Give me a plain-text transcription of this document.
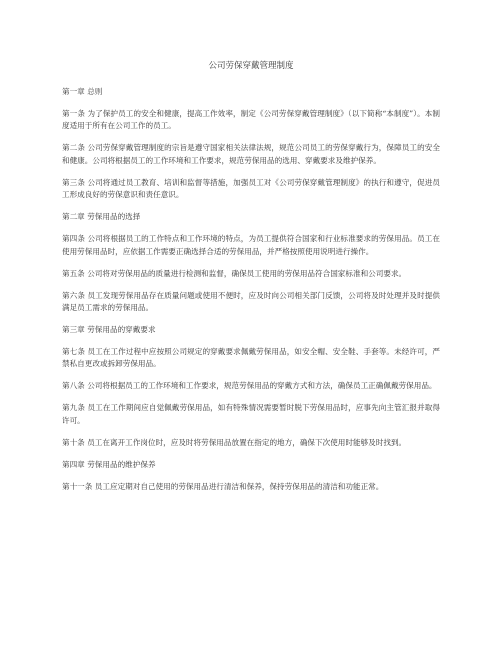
公司劳保穿戴管理制度
第一章 总则
第一条 为了保护员工的安全和健康，提高工作效率，制定《公司劳保穿戴管理制度》（以下简称“本制度”）。本制度适用于所有在公司工作的员工。
第二条 公司劳保穿戴管理制度的宗旨是遵守国家相关法律法规，规范公司员工的劳保穿戴行为，保障员工的安全和健康。公司将根据员工的工作环境和工作要求，规范劳保用品的选用、穿戴要求及维护保养。
第三条 公司将通过员工教育、培训和监督等措施，加强员工对《公司劳保穿戴管理制度》的执行和遵守，促进员工形成良好的劳保意识和责任意识。
第二章 劳保用品的选择
第四条 公司将根据员工的工作特点和工作环境的特点，为员工提供符合国家和行业标准要求的劳保用品。员工在使用劳保用品时，应依据工作需要正确选择合适的劳保用品，并严格按照使用说明进行操作。
第五条 公司将对劳保用品的质量进行检测和监督，确保员工使用的劳保用品符合国家标准和公司要求。
第六条 员工发现劳保用品存在质量问题或使用不便时，应及时向公司相关部门反馈，公司将及时处理并及时提供满足员工需求的劳保用品。
第三章 劳保用品的穿戴要求
第七条 员工在工作过程中应按照公司规定的穿戴要求佩戴劳保用品，如安全帽、安全鞋、手套等。未经许可，严禁私自更改或拆卸劳保用品。
第八条 公司将根据员工的工作环境和工作要求，规范劳保用品的穿戴方式和方法，确保员工正确佩戴劳保用品。
第九条 员工在工作期间应自觉佩戴劳保用品，如有特殊情况需要暂时脱下劳保用品时，应事先向主管汇报并取得许可。
第十条 员工在离开工作岗位时，应及时将劳保用品放置在指定的地方，确保下次使用时能够及时找到。
第四章 劳保用品的维护保养
第十一条 员工应定期对自己使用的劳保用品进行清洁和保养，保持劳保用品的清洁和功能正常。
